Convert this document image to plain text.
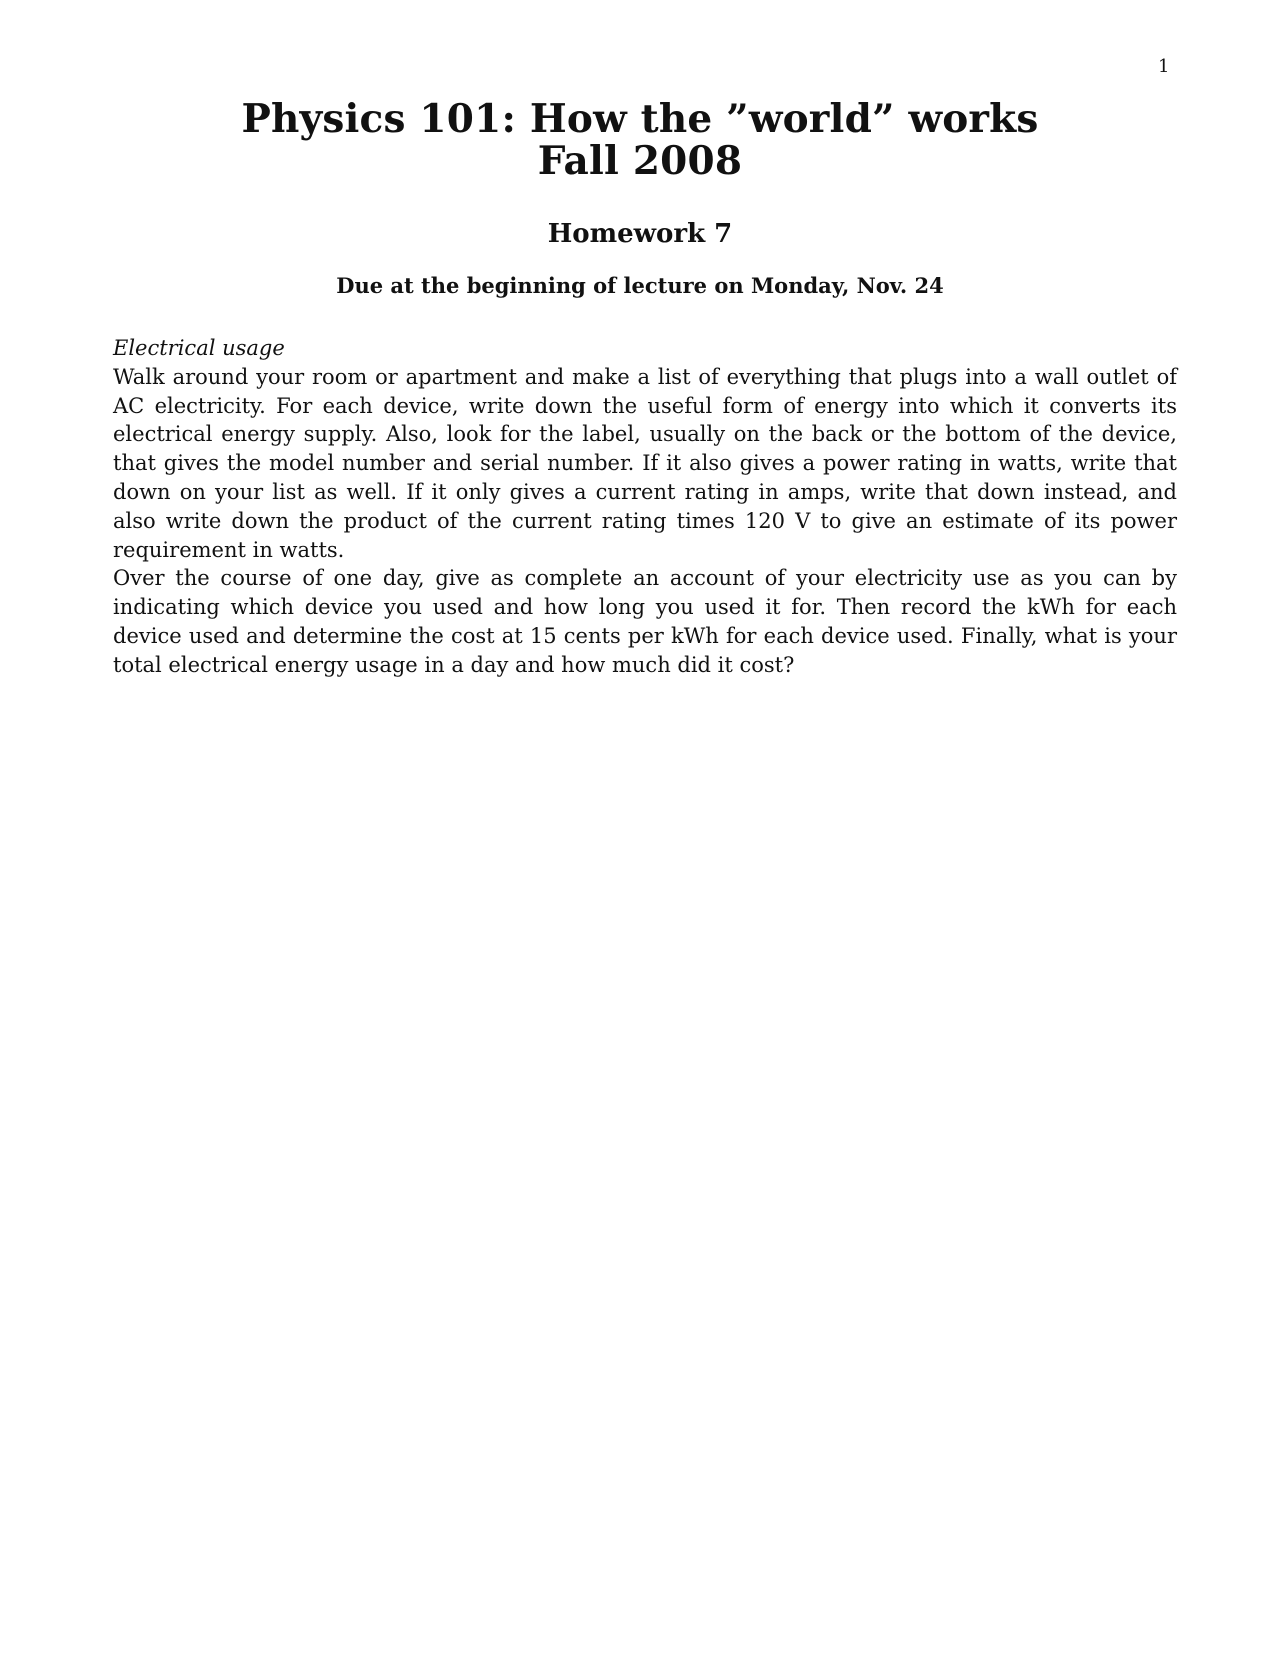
1
Physics 101: How the ”world” works
Fall 2008
Homework 7
Due at the beginning of lecture on Monday, Nov. 24
Electrical usage

Walk around your room or apartment and make a list of everything that plugs into a wall outlet of AC electricity. For each device, write down the useful form of energy into which it converts its electrical energy supply. Also, look for the label, usually on the back or the bottom of the device, that gives the model number and serial number. If it also gives a power rating in watts, write that down on your list as well. If it only gives a current rating in amps, write that down instead, and also write down the product of the current rating times 120 V to give an estimate of its power requirement in watts.

Over the course of one day, give as complete an account of your electricity use as you can by indicating which device you used and how long you used it for. Then record the kWh for each device used and determine the cost at 15 cents per kWh for each device used. Finally, what is your total electrical energy usage in a day and how much did it cost?
